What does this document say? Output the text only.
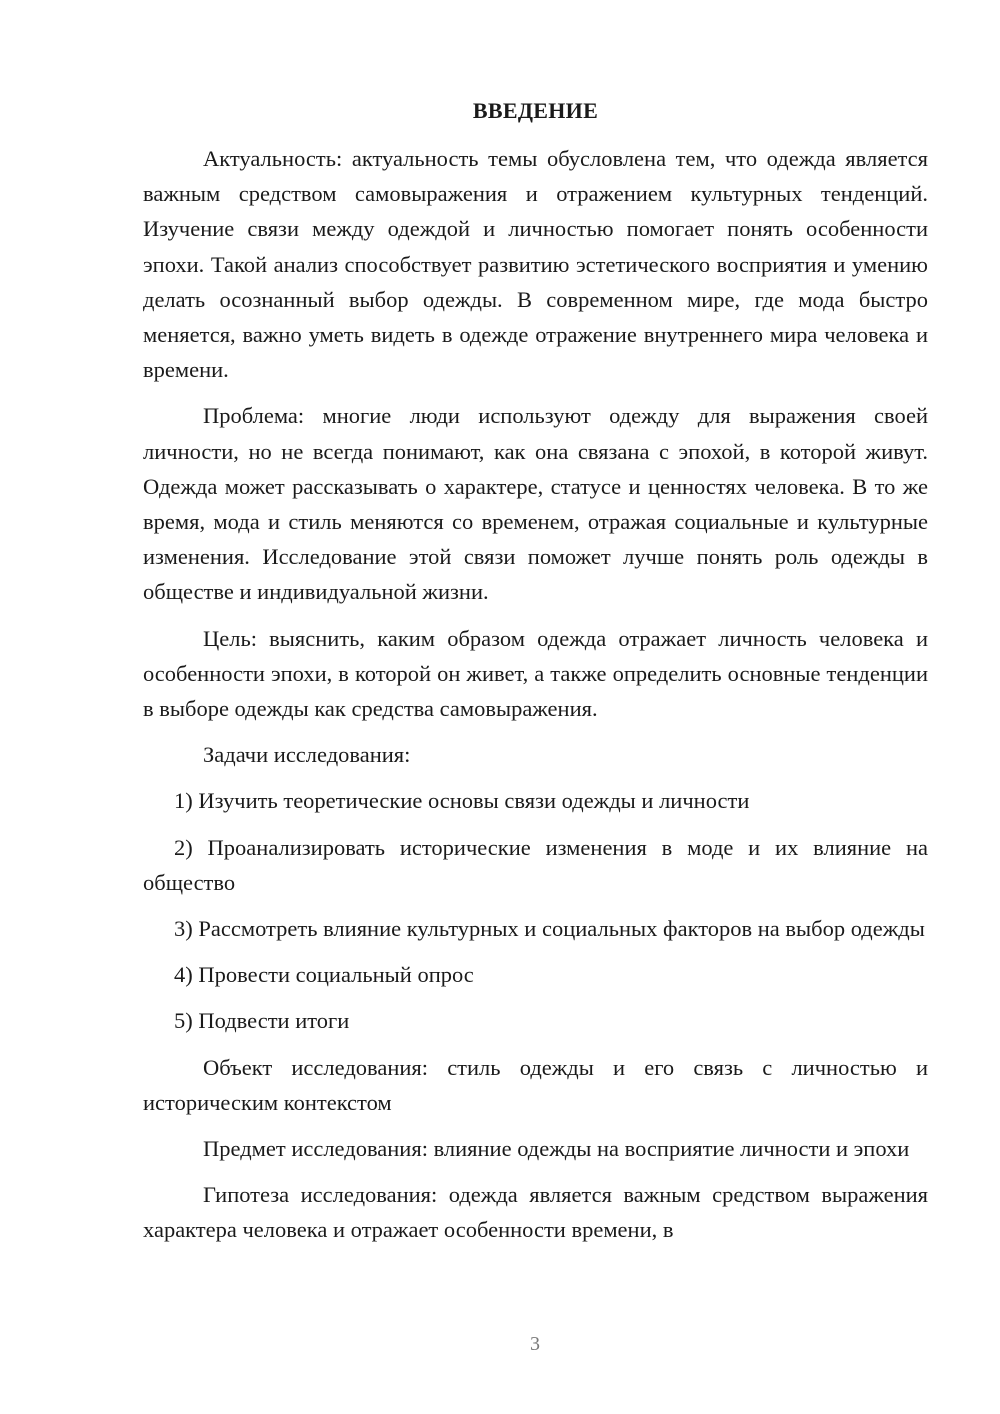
ВВЕДЕНИЕ

Актуальность: актуальность темы обусловлена тем, что одежда является важным средством самовыражения и отражением культурных тенденций. Изучение связи между одеждой и личностью помогает понять особенности эпохи. Такой анализ способствует развитию эстетического восприятия и умению делать осознанный выбор одежды. В современном мире, где мода быстро меняется, важно уметь видеть в одежде отражение внутреннего мира человека и времени.

Проблема: многие люди используют одежду для выражения своей личности, но не всегда понимают, как она связана с эпохой, в которой живут. Одежда может рассказывать о характере, статусе и ценностях человека. В то же время, мода и стиль меняются со временем, отражая социальные и культурные изменения. Исследование этой связи поможет лучше понять роль одежды в обществе и индивидуальной жизни.

Цель: выяснить, каким образом одежда отражает личность человека и особенности эпохи, в которой он живет, а также определить основные тенденции в выборе одежды как средства самовыражения.

Задачи исследования:

1) Изучить теоретические основы связи одежды и личности

2) Проанализировать исторические изменения в моде и их влияние на общество

3) Рассмотреть влияние культурных и социальных факторов на выбор одежды

4) Провести социальный опрос

5) Подвести итоги

Объект исследования: стиль одежды и его связь с личностью и историческим контекстом

Предмет исследования: влияние одежды на восприятие личности и эпохи

Гипотеза исследования: одежда является важным средством выражения характера человека и отражает особенности времени, в

3
